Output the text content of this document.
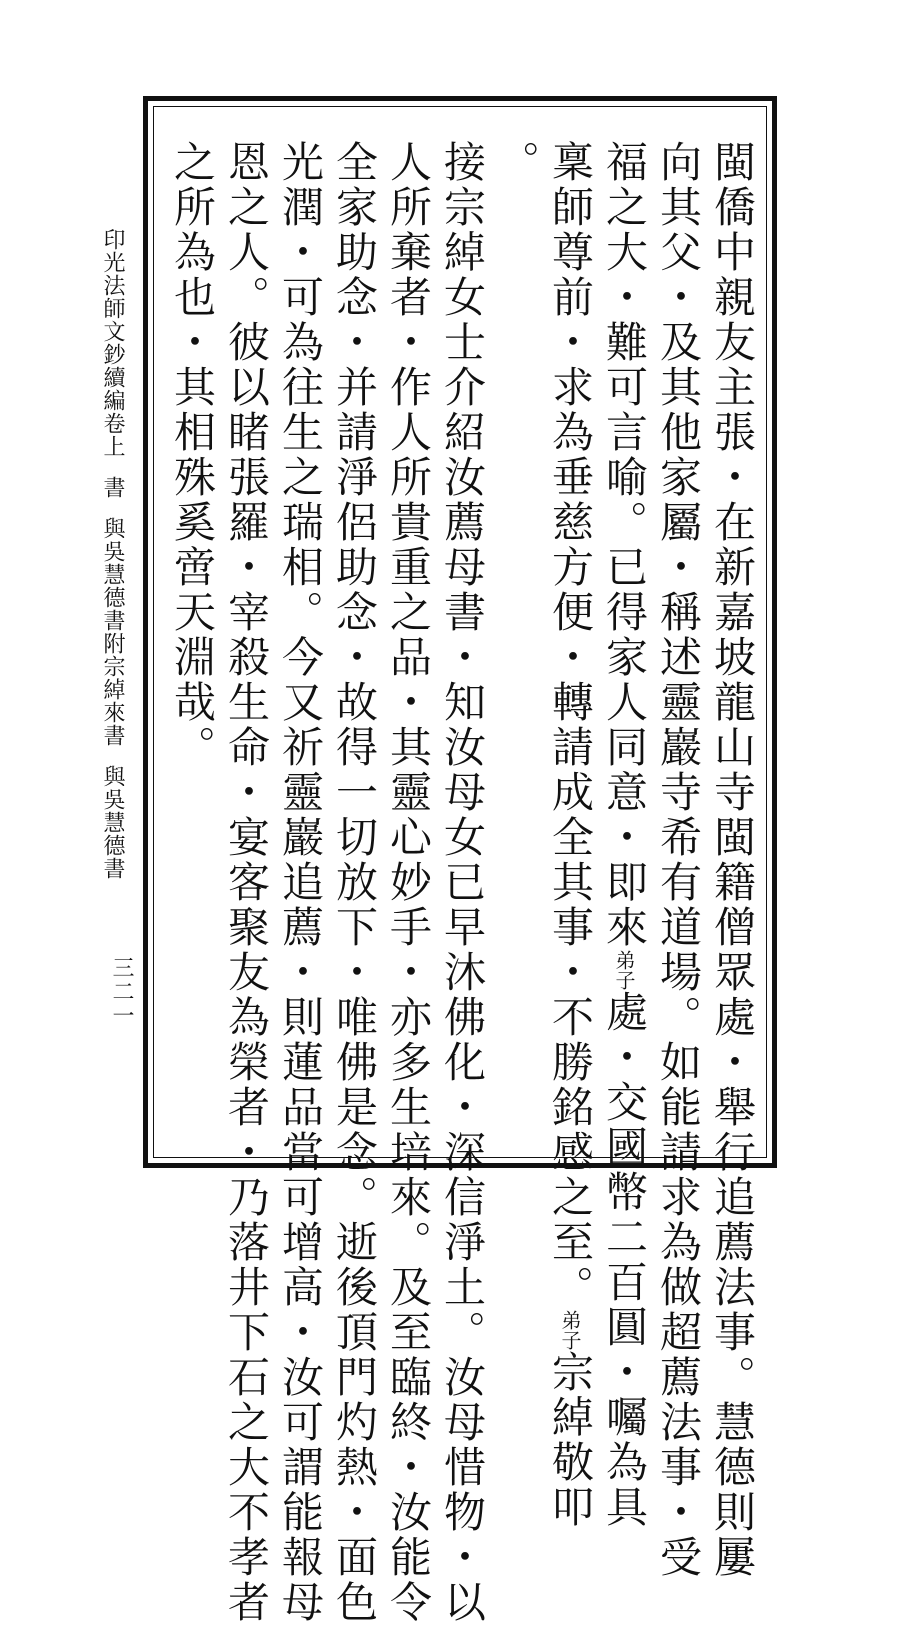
印光法師文鈔續編卷上
書
與吳慧德書附宗綽來書
與吳慧德書
三二一	閩僑中親友主張・在新嘉坡龍山寺閩籍僧眾處・舉行追薦法事。慧德則屢
向其父・及其他家屬・稱述靈巖寺希有道場。如能請求為做超薦法事・受
福之大・難可言喻。已得家人同意・即來弟子處・交國幣二百圓・囑為具
稟師尊前・求為垂慈方便・轉請成全其事・不勝銘感之至。弟子宗綽敬叩
。
接宗綽女士介紹汝薦母書・知汝母女已早沐佛化・深信淨土。汝母惜物・以
人所棄者・作人所貴重之品・其靈心妙手・亦多生培來。及至臨終・汝能令
全家助念・并請淨侶助念・故得一切放下・唯佛是念。逝後頂門灼熱・面色
光潤・可為往生之瑞相。今又祈靈巖追薦・則蓮品當可增高・汝可謂能報母
恩之人。彼以睹張羅・宰殺生命・宴客聚友為榮者・乃落井下石之大不孝者
之所為也・其相殊奚啻天淵哉。
